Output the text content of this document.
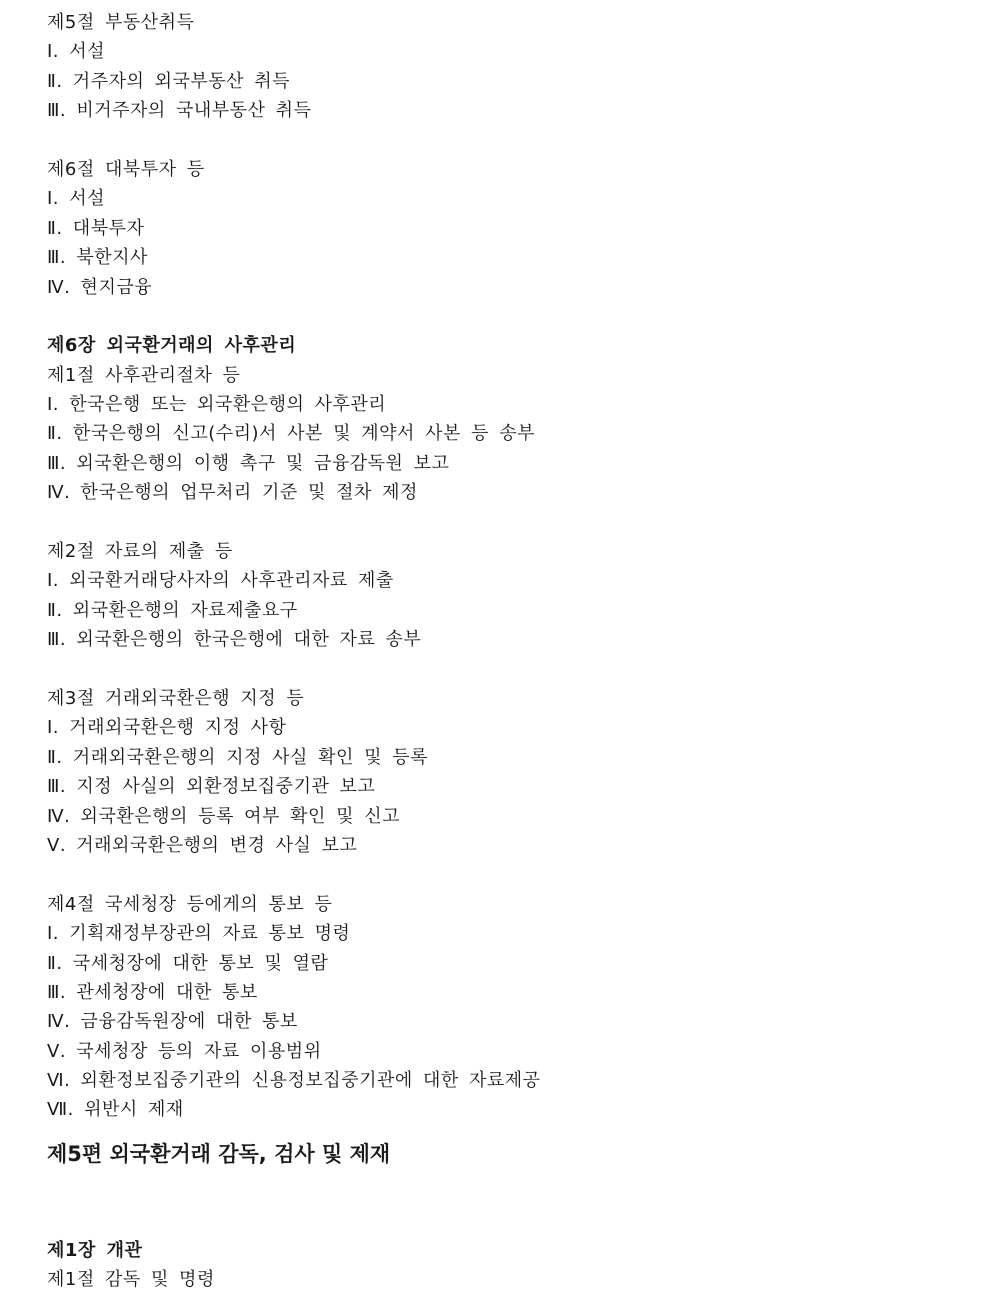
제5절 부동산취득
Ⅰ. 서설
Ⅱ. 거주자의 외국부동산 취득
Ⅲ. 비거주자의 국내부동산 취득
제6절 대북투자 등
Ⅰ. 서설
Ⅱ. 대북투자
Ⅲ. 북한지사
Ⅳ. 현지금융
제6장 외국환거래의 사후관리
제1절 사후관리절차 등
Ⅰ. 한국은행 또는 외국환은행의 사후관리
Ⅱ. 한국은행의 신고(수리)서 사본 및 계약서 사본 등 송부
Ⅲ. 외국환은행의 이행 촉구 및 금융감독원 보고
Ⅳ. 한국은행의 업무처리 기준 및 절차 제정
제2절 자료의 제출 등
Ⅰ. 외국환거래당사자의 사후관리자료 제출
Ⅱ. 외국환은행의 자료제출요구
Ⅲ. 외국환은행의 한국은행에 대한 자료 송부
제3절 거래외국환은행 지정 등
Ⅰ. 거래외국환은행 지정 사항
Ⅱ. 거래외국환은행의 지정 사실 확인 및 등록
Ⅲ. 지정 사실의 외환정보집중기관 보고
Ⅳ. 외국환은행의 등록 여부 확인 및 신고
Ⅴ. 거래외국환은행의 변경 사실 보고
제4절 국세청장 등에게의 통보 등
Ⅰ. 기획재정부장관의 자료 통보 명령
Ⅱ. 국세청장에 대한 통보 및 열람
Ⅲ. 관세청장에 대한 통보
Ⅳ. 금융감독원장에 대한 통보
Ⅴ. 국세청장 등의 자료 이용범위
Ⅵ. 외환정보집중기관의 신용정보집중기관에 대한 자료제공
Ⅶ. 위반시 제재
제5편 외국환거래 감독, 검사 및 제재
제1장 개관
제1절 감독 및 명령
